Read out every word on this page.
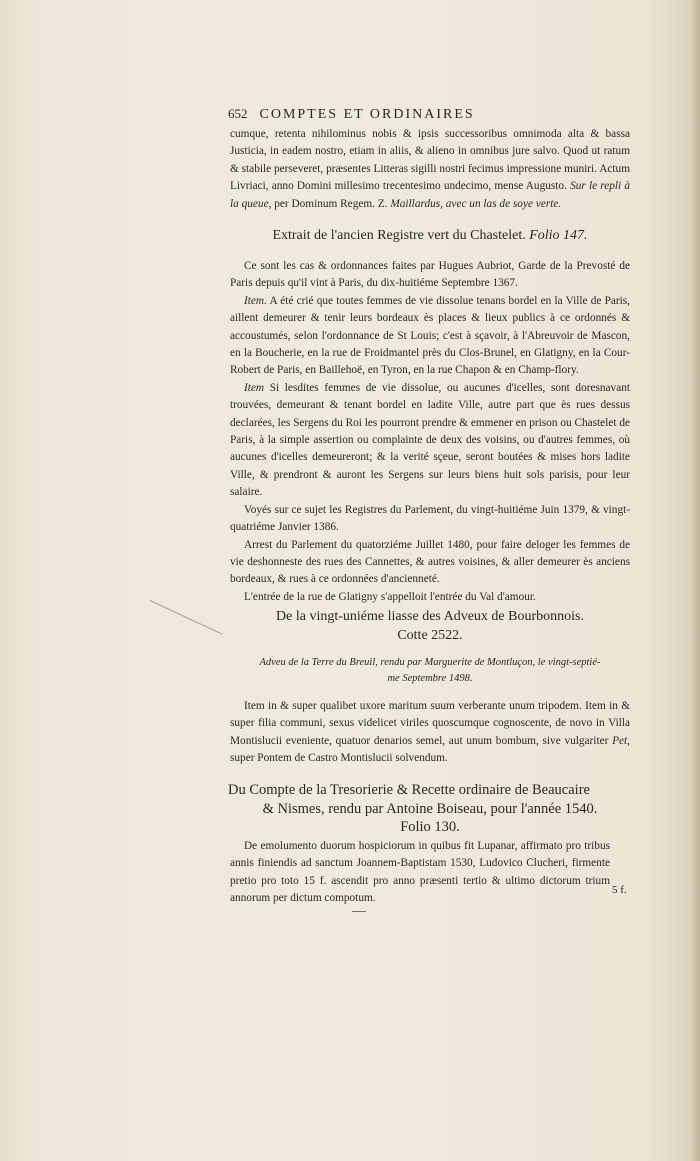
652 COMPTES ET ORDINAIRES

cumque, retenta nihilominus nobis & ipsis successoribus omnimoda alta & bassa Justicia, in eadem nostro, etiam in aliis, & alieno in omnibus jure salvo. Quod ut ratum & stabile perseveret, præsentes Litteras sigilli nostri fecimus impressione muniri. Actum Livriaci, anno Domini millesimo trecentesimo undecimo, mense Augusto. Sur le repli à la queue, per Dominum Regem. Z. Maillardus, avec un las de soye verte.

Extrait de l'ancien Registre vert du Chastelet. Folio 147.

Ce sont les cas & ordonnances faites par Hugues Aubriot, Garde de la Prevosté de Paris depuis qu'il vint à Paris, du dix-huitiéme Septembre 1367.

Item. A été crié que toutes femmes de vie dissolue tenans bordel en la Ville de Paris, aillent demeurer & tenir leurs bordeaux ès places & lieux publics à ce ordonnés & accoustumés, selon l'ordonnance de St Louis; c'est à sçavoir, à l'Abreuvoir de Mascon, en la Boucherie, en la rue de Froidmantel près du Clos-Brunel, en Glatigny, en la Cour-Robert de Paris, en Baillehoë, en Tyron, en la rue Chapon & en Champ-flory.

Item Si lesdites femmes de vie dissolue, ou aucunes d'icelles, sont doresnavant trouvées, demeurant & tenant bordel en ladite Ville, autre part que ès rues dessus declarées, les Sergens du Roi les pourront prendre & emmener en prison ou Chastelet de Paris, à la simple assertion ou complainte de deux des voisins, ou d'autres femmes, où aucunes d'icelles demeureront; & la verité sçeue, seront boutées & mises hors ladite Ville, & prendront & auront les Sergens sur leurs biens huit sols parisis, pour leur salaire.

Voyés sur ce sujet les Registres du Parlement, du vingt-huitiéme Juin 1379, & vingt-quatriéme Janvier 1386.

Arrest du Parlement du quatorziéme Juillet 1480, pour faire deloger les femmes de vie deshonneste des rues des Cannettes, & autres voisines, & aller demeurer ès anciens bordeaux, & rues à ce ordonnées d'ancienneté.

L'entrée de la rue de Glatigny s'appelloit l'entrée du Val d'amour.

De la vingt-uniéme liasse des Adveux de Bourbonnois.
Cotte 2522.
Adveu de la Terre du Breuil, rendu par Marguerite de Montluçon, le vingt-septié-
me Septembre 1498.

Item in & super qualibet uxore maritum suum verberante unum tripodem. Item in & super filia communi, sexus videlicet viriles quoscumque cognoscente, de novo in Villa Montislucii eveniente, quatuor denarios semel, aut unum bombum, sive vulgariter Pet, super Pontem de Castro Montislucii solvendum.

Du Compte de la Tresorierie & Recette ordinaire de Beaucaire
& Nismes, rendu par Antoine Boiseau, pour l'année 1540.
Folio 130.

De emolumento duorum hospiciorum in quibus fit Lupanar, affirmato pro tribus annis finiendis ad sanctum Joannem-Baptistam 1530, Ludovico Clucheri, firmente pretio pro toto 15 f. ascendit pro anno præsenti tertio & ultimo dictorum trium annorum per dictum compotum.

5 f.
